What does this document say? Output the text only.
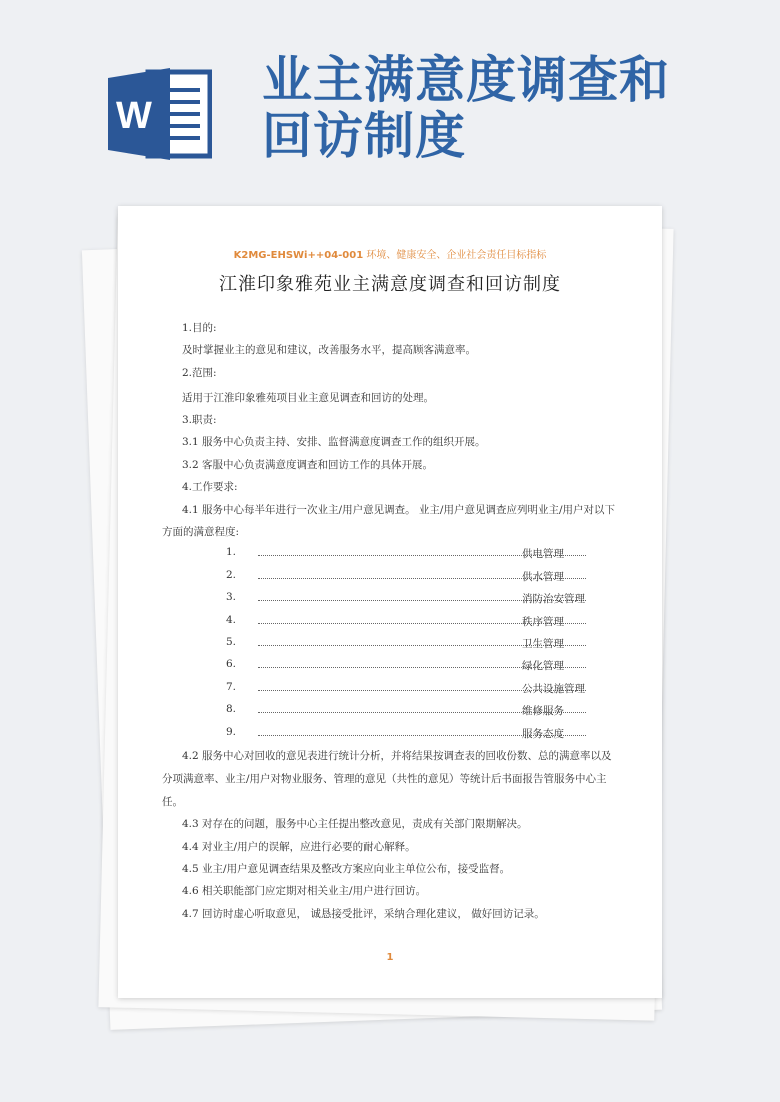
业主满意度调查和
回访制度
W
K2MG-EHSWi++04-001 环境、健康安全、企业社会责任目标指标
江淮印象雅苑业主满意度调查和回访制度
1.目的:
及时掌握业主的意见和建议，改善服务水平，提高顾客满意率。
2.范围:
适用于江淮印象雅苑项目业主意见调查和回访的处理。
3.职责:
3.1 服务中心负责主持、安排、监督满意度调查工作的组织开展。
3.2 客服中心负责满意度调查和回访工作的具体开展。
4.工作要求:
4.1 服务中心每半年进行一次业主/用户意见调查。 业主/用户意见调查应列明业主/用户对以下
方面的满意程度:
1.	供电管理
2.	供水管理
3.	消防治安管理
4.	秩序管理
5.	卫生管理
6.	绿化管理
7.	公共设施管理
8.	维修服务
9.	服务态度
4.2 服务中心对回收的意见表进行统计分析，并将结果按调查表的回收份数、总的满意率以及
分项满意率、业主/用户对物业服务、管理的意见（共性的意见）等统计后书面报告管服务中心主
任。
4.3 对存在的问题，服务中心主任提出整改意见，责成有关部门限期解决。
4.4 对业主/用户的误解，应进行必要的耐心解释。
4.5 业主/用户意见调查结果及整改方案应向业主单位公布，接受监督。
4.6 相关职能部门应定期对相关业主/用户进行回访。
4.7 回访时虚心听取意见， 诚恳接受批评，采纳合理化建议， 做好回访记录。
1
